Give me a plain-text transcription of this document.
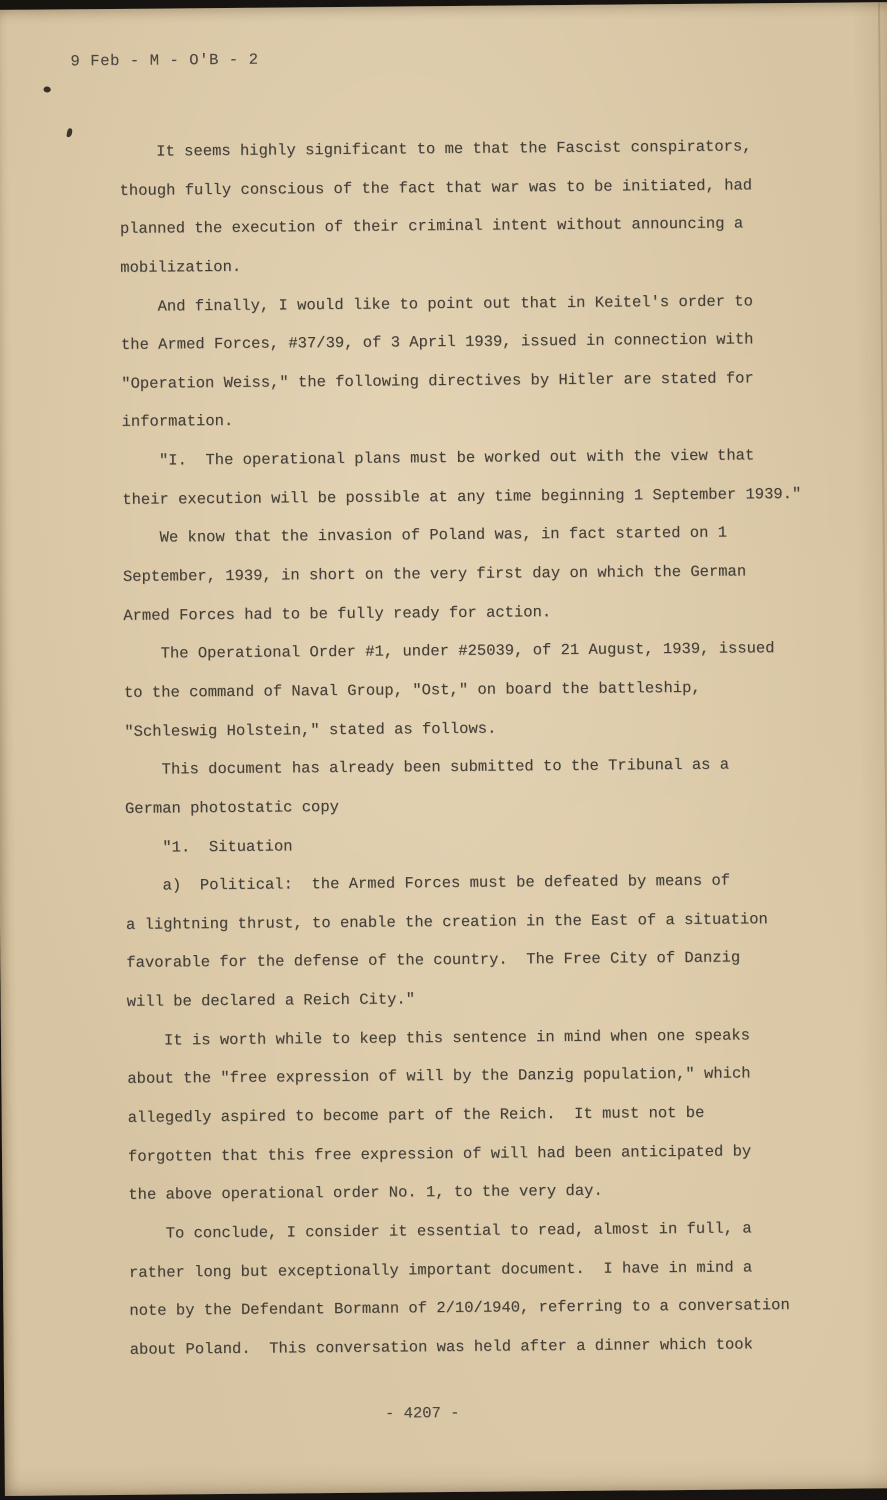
9 Feb - M - O'B - 2
It seems highly significant to me that the Fascist conspirators,
though fully conscious of the fact that war was to be initiated, had
planned the execution of their criminal intent without announcing a
mobilization.
And finally, I would like to point out that in Keitel's order to
the Armed Forces, #37/39, of 3 April 1939, issued in connection with
"Operation Weiss," the following directives by Hitler are stated for
information.
"I.  The operational plans must be worked out with the view that
their execution will be possible at any time beginning 1 September 1939."
We know that the invasion of Poland was, in fact started on 1
September, 1939, in short on the very first day on which the German
Armed Forces had to be fully ready for action.
The Operational Order #1, under #25039, of 21 August, 1939, issued
to the command of Naval Group, "Ost," on board the battleship,
"Schleswig Holstein," stated as follows.
This document has already been submitted to the Tribunal as a
German photostatic copy
"1.  Situation
a)  Political:  the Armed Forces must be defeated by means of
a lightning thrust, to enable the creation in the East of a situation
favorable for the defense of the country.  The Free City of Danzig
will be declared a Reich City."
It is worth while to keep this sentence in mind when one speaks
about the "free expression of will by the Danzig population," which
allegedly aspired to become part of the Reich.  It must not be
forgotten that this free expression of will had been anticipated by
the above operational order No. 1, to the very day.
To conclude, I consider it essential to read, almost in full, a
rather long but exceptionally important document.  I have in mind a
note by the Defendant Bormann of 2/10/1940, referring to a conversation
about Poland.  This conversation was held after a dinner which took
- 4207 -
